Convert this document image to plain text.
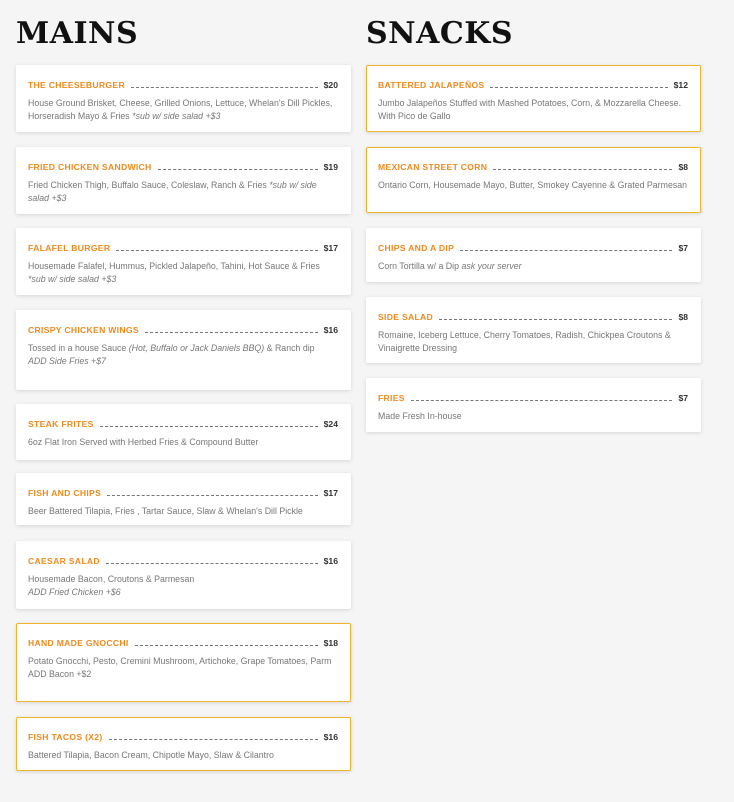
MAINS
THE CHEESEBURGER	$20
House Ground Brisket, Cheese, Grilled Onions, Lettuce, Whelan's Dill Pickles, Horseradish Mayo & Fries *sub w/ side salad +$3
FRIED CHICKEN SANDWICH	$19
Fried Chicken Thigh, Buffalo Sauce, Coleslaw, Ranch & Fries *sub w/ side salad +$3
FALAFEL BURGER	$17
Housemade Falafel, Hummus, Pickled Jalapeño, Tahini, Hot Sauce & Fries *sub w/ side salad +$3
CRISPY CHICKEN WINGS	$16
Tossed in a house Sauce (Hot, Buffalo or Jack Daniels BBQ) & Ranch dip
ADD Side Fries +$7
STEAK FRITES	$24
6oz Flat Iron Served with Herbed Fries & Compound Butter
FISH AND CHIPS	$17
Beer Battered Tilapia, Fries , Tartar Sauce, Slaw & Whelan's Dill Pickle
CAESAR SALAD	$16
Housemade Bacon, Croutons & Parmesan
ADD Fried Chicken +$6
HAND MADE GNOCCHI	$18
Potato Gnocchi, Pesto, Cremini Mushroom, Artichoke, Grape Tomatoes, Parm
ADD Bacon +$2
FISH TACOS (X2)	$16
Battered Tilapia, Bacon Cream, Chipotle Mayo, Slaw & Cilantro
SNACKS
BATTERED JALAPEÑOS	$12
Jumbo Jalapeños Stuffed with Mashed Potatoes, Corn, & Mozzarella Cheese. With Pico de Gallo
MEXICAN STREET CORN	$8
Ontario Corn, Housemade Mayo, Butter, Smokey Cayenne & Grated Parmesan
CHIPS AND A DIP	$7
Corn Tortilla w/ a Dip ask your server
SIDE SALAD	$8
Romaine, Iceberg Lettuce, Cherry Tomatoes, Radish, Chickpea Croutons & Vinaigrette Dressing
FRIES	$7
Made Fresh In-house
